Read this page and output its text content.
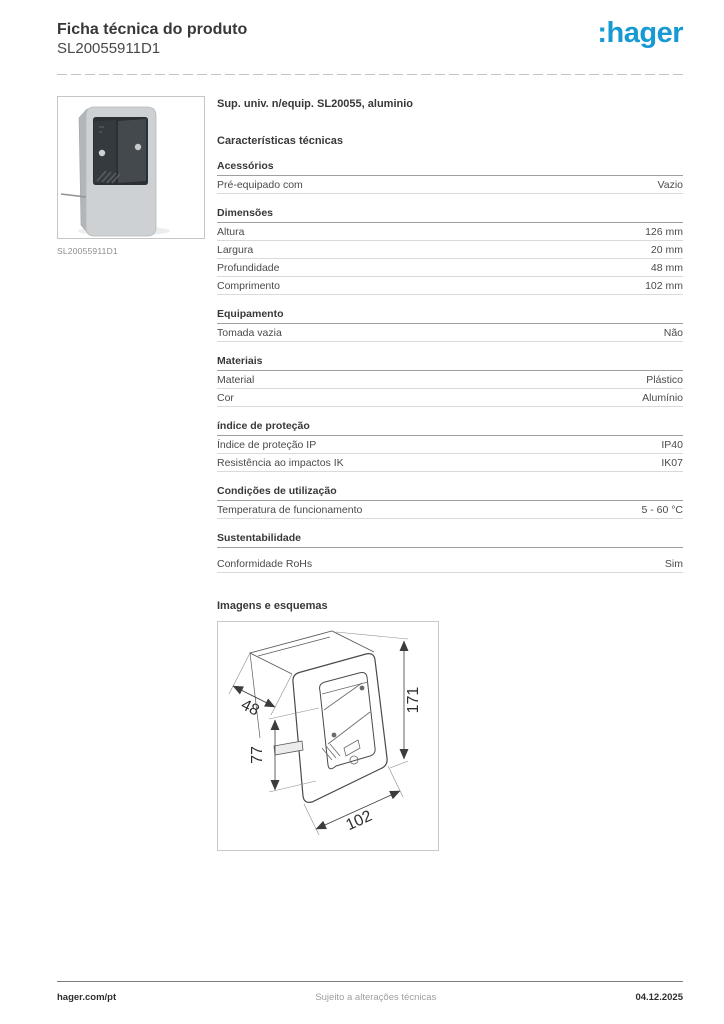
Ficha técnica do produto
SL20055911D1	:hager
SL20055911D1
Sup. univ. n/equip. SL20055, aluminio
Características técnicas
Acessórios
Pré-equipado com	Vazio
Dimensões
Altura	126 mm
Largura	20 mm
Profundidade	48 mm
Comprimento	102 mm
Equipamento
Tomada vazia	Não
Materiais
Material	Plástico
Cor	Alumínio
índice de proteção
Índice de proteção IP	IP40
Resistência ao impactos IK	IK07
Condições de utilização
Temperatura de funcionamento	5 - 60 °C
Sustentabilidade
Conformidade RoHs	Sim
Imagens e esquemas
48
77
171
102
hager.com/pt	Sujeito a alterações técnicas	04.12.2025
